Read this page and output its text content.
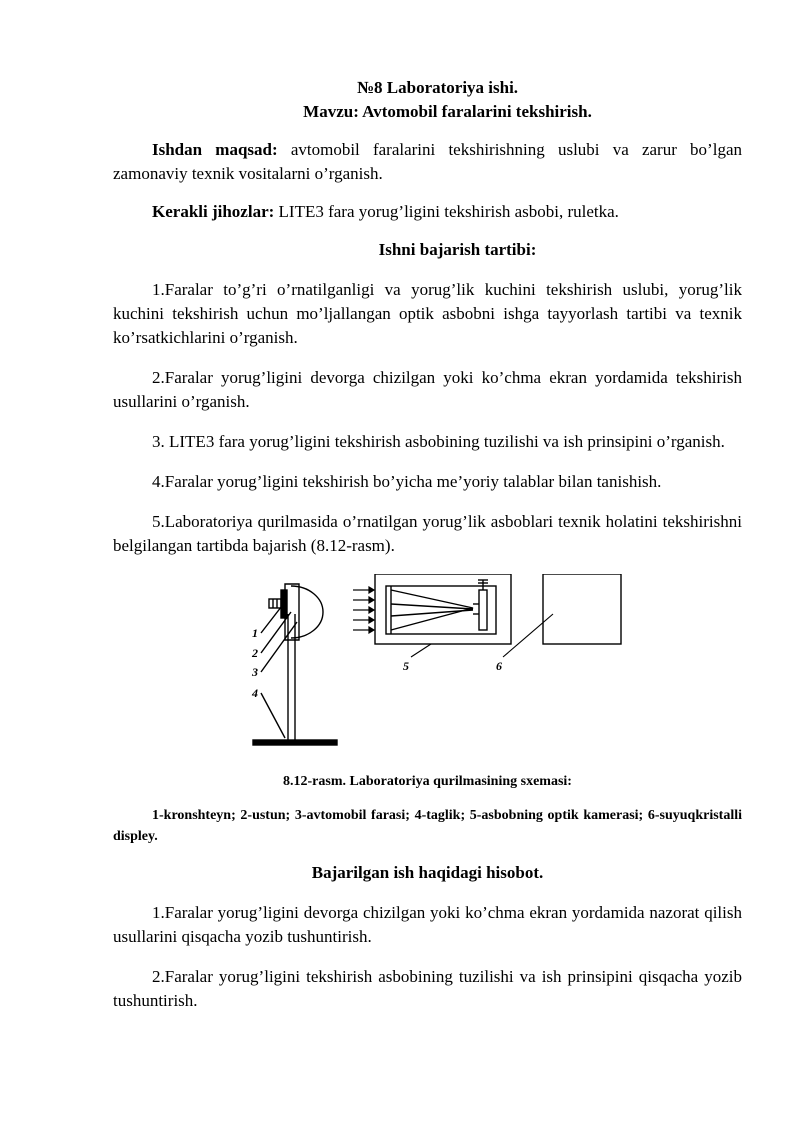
№8 Laboratoriya ishi.
Mavzu: Avtomobil faralarini tekshirish.

Ishdan maqsad: avtomobil faralarini tekshirishning uslubi va zarur bo’lgan zamonaviy texnik vositalarni o’rganish.

Kerakli jihozlar: LITE3 fara yorug’ligini tekshirish asbobi, ruletka.

Ishni bajarish tartibi:

1.Faralar to’g’ri o’rnatilganligi va yorug’lik kuchini tekshirish uslubi, yorug’lik kuchini tekshirish uchun mo’ljallangan optik asbobni ishga tayyorlash tartibi va texnik ko’rsatkichlarini o’rganish.

2.Faralar yorug’ligini devorga chizilgan yoki ko’chma ekran yordamida tekshirish usullarini o’rganish.

3. LITE3 fara yorug’ligini tekshirish asbobining tuzilishi va ish prinsipini o’rganish.

4.Faralar yorug’ligini tekshirish bo’yicha me’yoriy talablar bilan tanishish.

5.Laboratoriya qurilmasida o’rnatilgan yorug’lik asboblari texnik holatini tekshirishni belgilangan tartibda bajarish (8.12-rasm).

1
2
3
4
5	6

8.12-rasm. Laboratoriya qurilmasining sxemasi:

1-kronshteyn; 2-ustun; 3-avtomobil farasi; 4-taglik; 5-asbobning optik kamerasi; 6-suyuqkristalli displey.

Bajarilgan ish haqidagi hisobot.

1.Faralar yorug’ligini devorga chizilgan yoki ko’chma ekran yordamida nazorat qilish usullarini qisqacha yozib tushuntirish.

2.Faralar yorug’ligini tekshirish asbobining tuzilishi va ish prinsipini qisqacha yozib tushuntirish.
